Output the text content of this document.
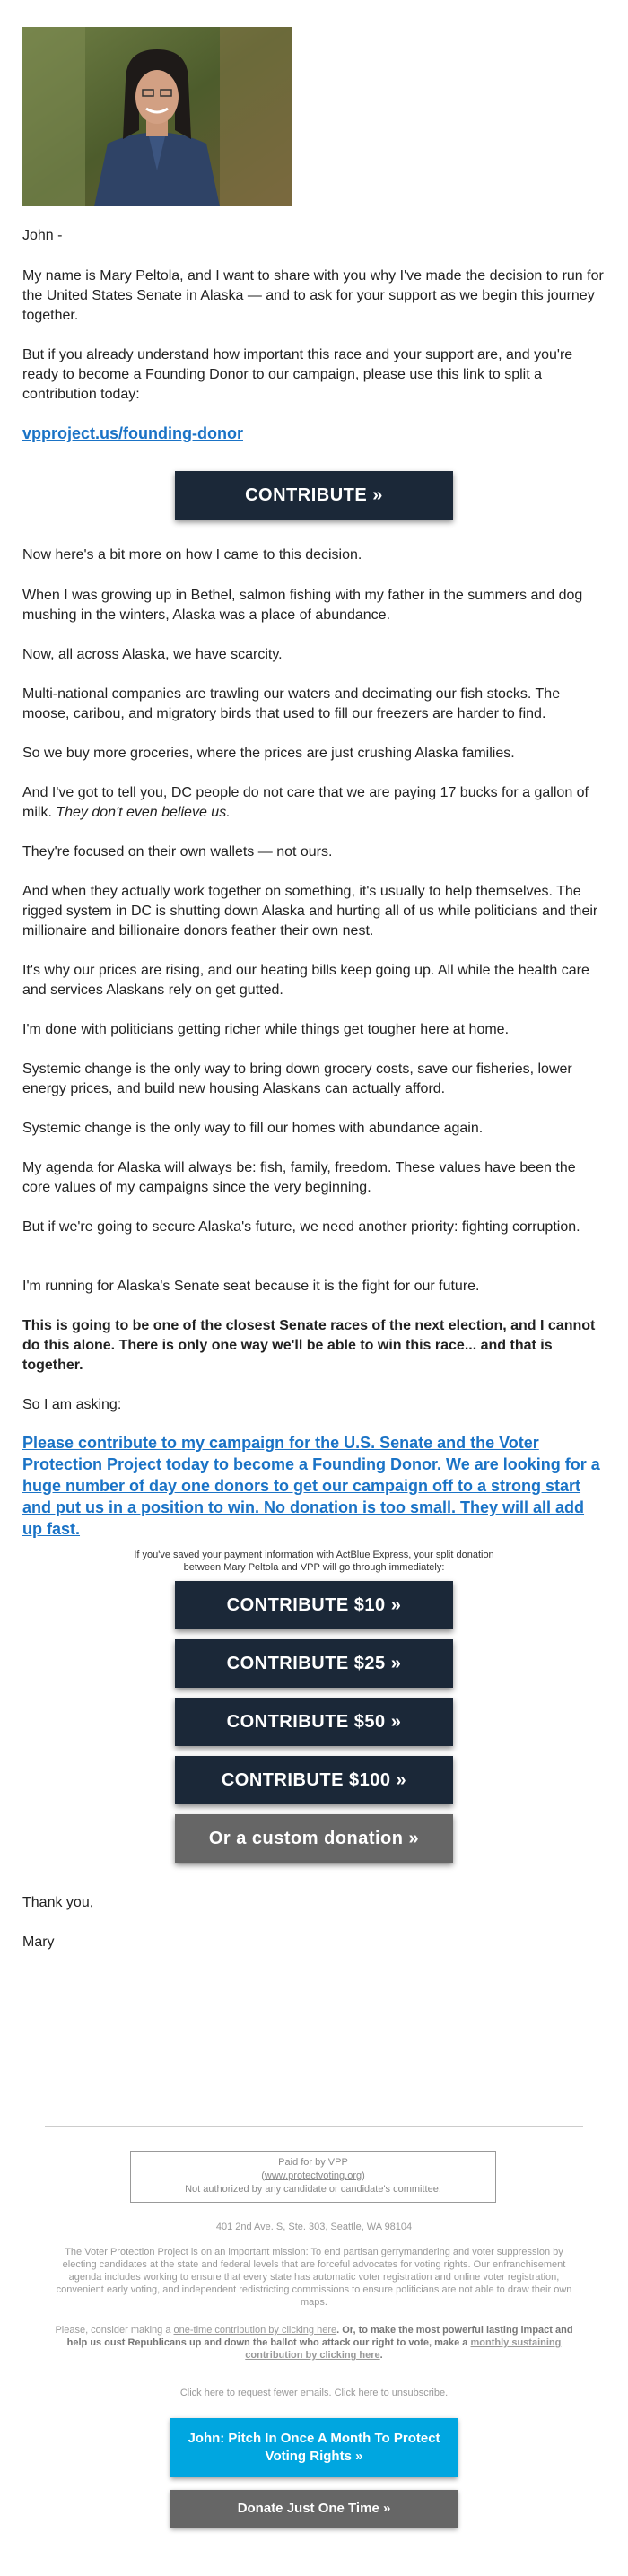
John -

My name is Mary Peltola, and I want to share with you why I've made the decision to run for the United States Senate in Alaska — and to ask for your support as we begin this journey together.

But if you already understand how important this race and your support are, and you're ready to become a Founding Donor to our campaign, please use this link to split a contribution today:

vpproject.us/founding-donor

CONTRIBUTE »

Now here's a bit more on how I came to this decision.

When I was growing up in Bethel, salmon fishing with my father in the summers and dog mushing in the winters, Alaska was a place of abundance.

Now, all across Alaska, we have scarcity.

Multi-national companies are trawling our waters and decimating our fish stocks. The moose, caribou, and migratory birds that used to fill our freezers are harder to find.

So we buy more groceries, where the prices are just crushing Alaska families.

And I've got to tell you, DC people do not care that we are paying 17 bucks for a gallon of milk. They don't even believe us.

They're focused on their own wallets — not ours.

And when they actually work together on something, it's usually to help themselves. The rigged system in DC is shutting down Alaska and hurting all of us while politicians and their millionaire and billionaire donors feather their own nest.

It's why our prices are rising, and our heating bills keep going up. All while the health care and services Alaskans rely on get gutted.

I'm done with politicians getting richer while things get tougher here at home.

Systemic change is the only way to bring down grocery costs, save our fisheries, lower energy prices, and build new housing Alaskans can actually afford.

Systemic change is the only way to fill our homes with abundance again.

My agenda for Alaska will always be: fish, family, freedom. These values have been the core values of my campaigns since the very beginning.

But if we're going to secure Alaska's future, we need another priority: fighting corruption.

I'm running for Alaska's Senate seat because it is the fight for our future.

This is going to be one of the closest Senate races of the next election, and I cannot do this alone. There is only one way we'll be able to win this race... and that is together.

So I am asking:

Please contribute to my campaign for the U.S. Senate and the Voter Protection Project today to become a Founding Donor. We are looking for a huge number of day one donors to get our campaign off to a strong start and put us in a position to win. No donation is too small. They will all add up fast.

If you've saved your payment information with ActBlue Express, your split donation between Mary Peltola and VPP will go through immediately:

CONTRIBUTE $10 »
CONTRIBUTE $25 »
CONTRIBUTE $50 »
CONTRIBUTE $100 »
Or a custom donation »

Thank you,

Mary

Paid for by VPP
(www.protectvoting.org)
Not authorized by any candidate or candidate's committee.
401 2nd Ave. S, Ste. 303, Seattle, WA 98104
The Voter Protection Project is on an important mission: To end partisan gerrymandering and voter suppression by electing candidates at the state and federal levels that are forceful advocates for voting rights. Our enfranchisement agenda includes working to ensure that every state has automatic voter registration and online voter registration, convenient early voting, and independent redistricting commissions to ensure politicians are not able to draw their own maps.
Please, consider making a one-time contribution by clicking here. Or, to make the most powerful lasting impact and help us oust Republicans up and down the ballot who attack our right to vote, make a monthly sustaining contribution by clicking here.
Click here to request fewer emails. Click here to unsubscribe.
John: Pitch In Once A Month To Protect Voting Rights »
Donate Just One Time »
